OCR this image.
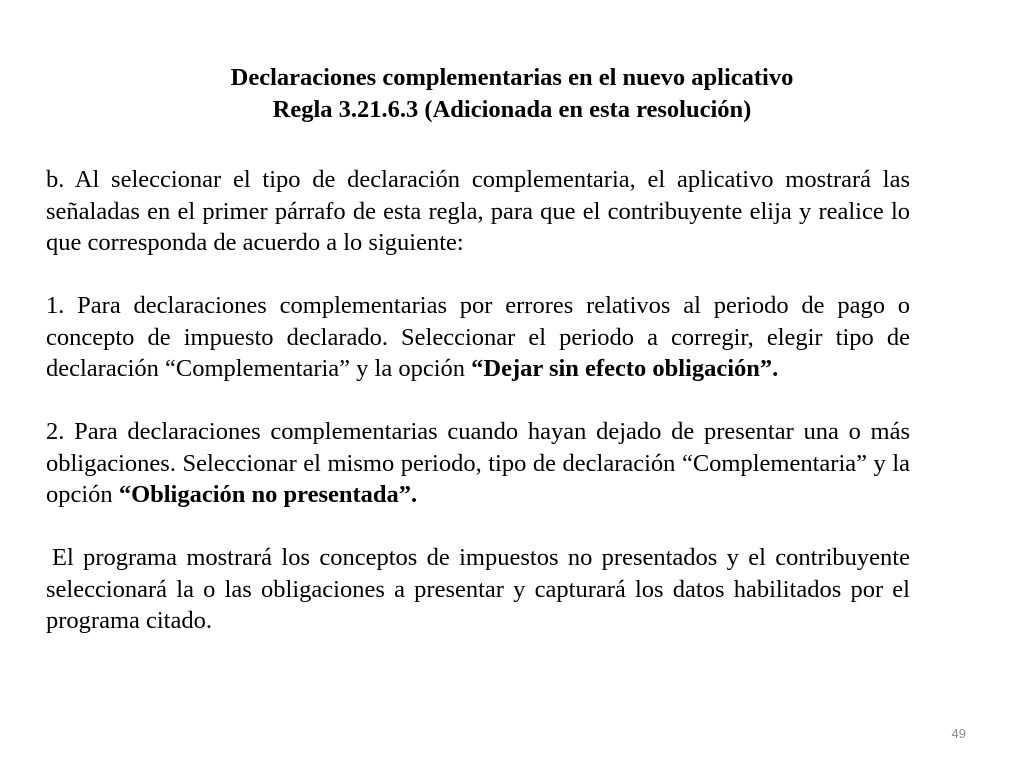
Declaraciones complementarias en el nuevo aplicativo
Regla 3.21.6.3 (Adicionada en esta resolución)

b. Al seleccionar el tipo de declaración complementaria, el aplicativo mostrará las señaladas en el primer párrafo de esta regla, para que el contribuyente elija y realice lo que corresponda de acuerdo a lo siguiente:

1. Para declaraciones complementarias por errores relativos al periodo de pago o concepto de impuesto declarado. Seleccionar el periodo a corregir, elegir tipo de declaración “Complementaria” y la opción “Dejar sin efecto obligación”.

2. Para declaraciones complementarias cuando hayan dejado de presentar una o más obligaciones. Seleccionar el mismo periodo, tipo de declaración “Complementaria” y la opción “Obligación no presentada”.

El programa mostrará los conceptos de impuestos no presentados y el contribuyente seleccionará la o las obligaciones a presentar y capturará los datos habilitados por el programa citado.

49
